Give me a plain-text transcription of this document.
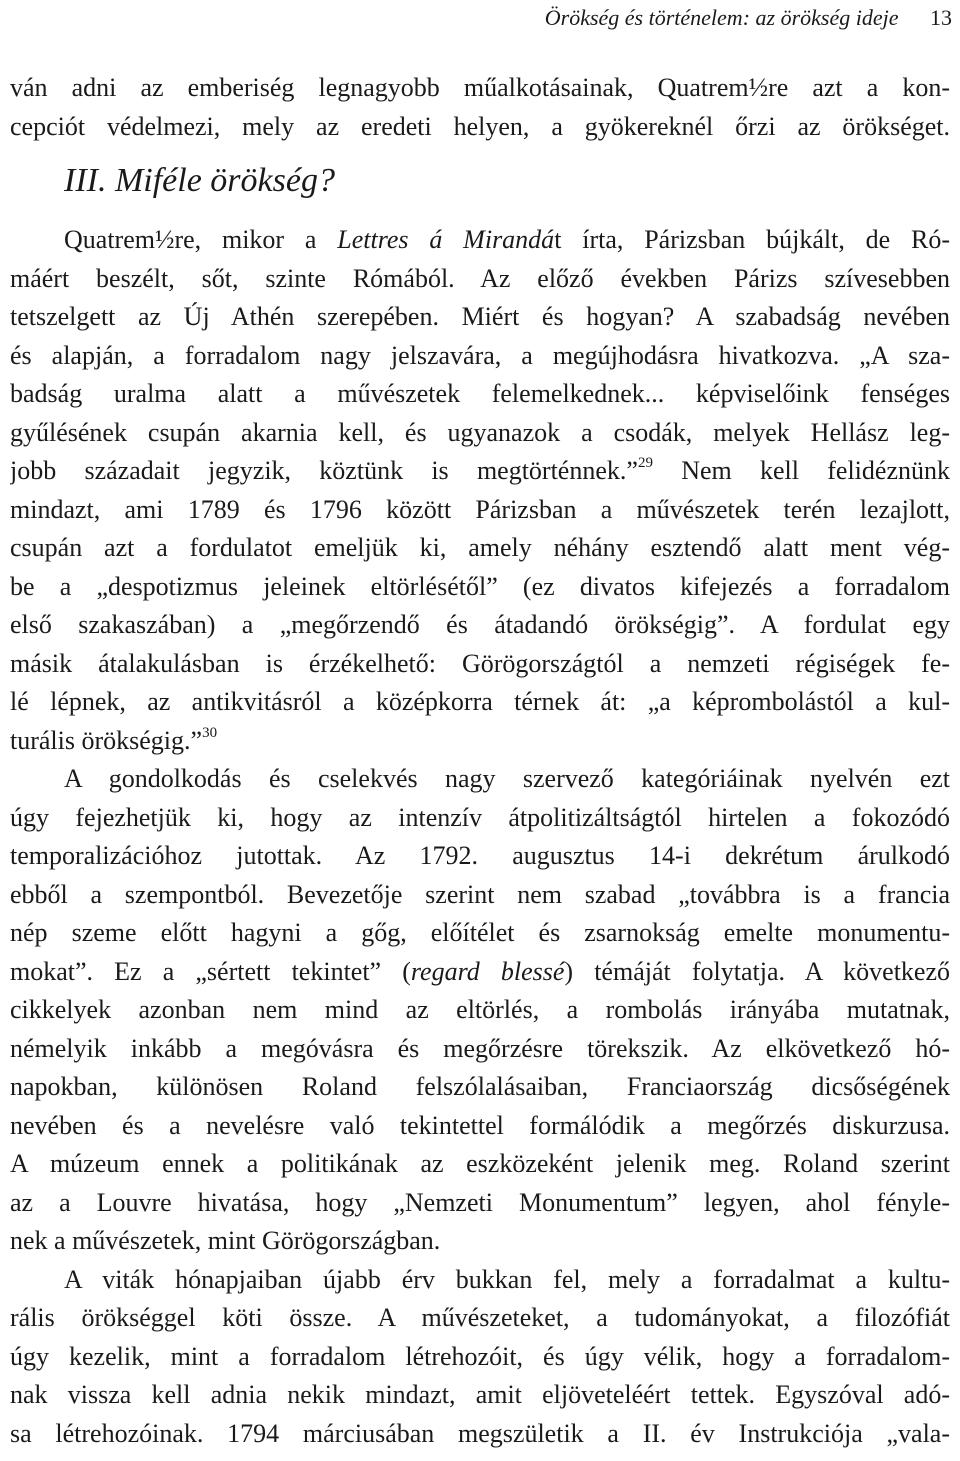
Örökség és történelem: az örökség ideje 13
ván adni az emberiség legnagyobb műalkotásainak, Quatrem½re azt a kon-
cepciót védelmezi, mely az eredeti helyen, a gyökereknél őrzi az örökséget.
III. Miféle örökség?
Quatrem½re, mikor a Lettres á Mirandát írta, Párizsban bújkált, de Ró-
máért beszélt, sőt, szinte Rómából. Az előző években Párizs szívesebben
tetszelgett az Új Athén szerepében. Miért és hogyan? A szabadság nevében
és alapján, a forradalom nagy jelszavára, a megújhodásra hivatkozva. „A sza-
badság uralma alatt a művészetek felemelkednek... képviselőink fenséges
gyűlésének csupán akarnia kell, és ugyanazok a csodák, melyek Hellász leg-
jobb századait jegyzik, köztünk is megtörténnek.”$^{29}$ Nem kell felidéznünk
mindazt, ami 1789 és 1796 között Párizsban a művészetek terén lezajlott,
csupán azt a fordulatot emeljük ki, amely néhány esztendő alatt ment vég-
be a „despotizmus jeleinek eltörlésétől” (ez divatos kifejezés a forradalom
első szakaszában) a „megőrzendő és átadandó örökségig”. A fordulat egy
másik átalakulásban is érzékelhető: Görögországtól a nemzeti régiségek fe-
lé lépnek, az antikvitásról a középkorra térnek át: „a képrombolástól a kul-
turális örökségig.”$^{30}$
A gondolkodás és cselekvés nagy szervező kategóriáinak nyelvén ezt
úgy fejezhetjük ki, hogy az intenzív átpolitizáltságtól hirtelen a fokozódó
temporalizációhoz jutottak. Az 1792. augusztus 14-i dekrétum árulkodó
ebből a szempontból. Bevezetője szerint nem szabad „továbbra is a francia
nép szeme előtt hagyni a gőg, előítélet és zsarnokság emelte monumentu-
mokat”. Ez a „sértett tekintet” (regard blessé) témáját folytatja. A következő
cikkelyek azonban nem mind az eltörlés, a rombolás irányába mutatnak,
némelyik inkább a megóvásra és megőrzésre törekszik. Az elkövetkező hó-
napokban, különösen Roland felszólalásaiban, Franciaország dicsőségének
nevében és a nevelésre való tekintettel formálódik a megőrzés diskurzusa.
A múzeum ennek a politikának az eszközeként jelenik meg. Roland szerint
az a Louvre hivatása, hogy „Nemzeti Monumentum” legyen, ahol fényle-
nek a művészetek, mint Görögországban.
A viták hónapjaiban újabb érv bukkan fel, mely a forradalmat a kultu-
rális örökséggel köti össze. A művészeteket, a tudományokat, a filozófiát
úgy kezelik, mint a forradalom létrehozóit, és úgy vélik, hogy a forradalom-
nak vissza kell adnia nekik mindazt, amit eljöveteléért tettek. Egyszóval adó-
sa létrehozóinak. 1794 márciusában megszületik a II. év Instrukciója „vala-
